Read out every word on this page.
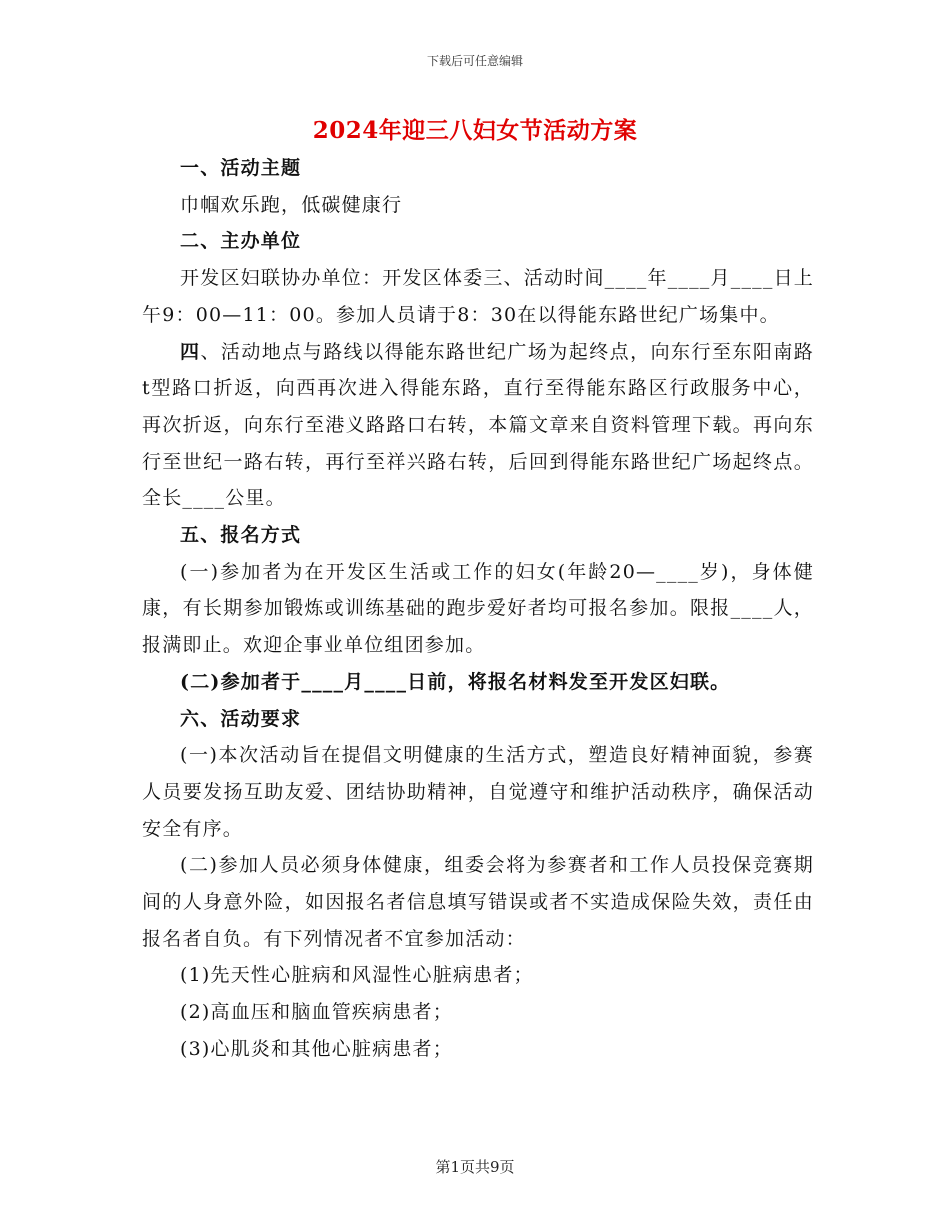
下载后可任意编辑
2024年迎三八妇女节活动方案

一、活动主题

巾帼欢乐跑，低碳健康行

二、主办单位

开发区妇联协办单位：开发区体委三、活动时间____年____月____日上午9：00—11：00。参加人员请于8：30在以得能东路世纪广场集中。

四、活动地点与路线以得能东路世纪广场为起终点，向东行至东阳南路t型路口折返，向西再次进入得能东路，直行至得能东路区行政服务中心，再次折返，向东行至港义路路口右转，本篇文章来自资料管理下载。再向东行至世纪一路右转，再行至祥兴路右转，后回到得能东路世纪广场起终点。全长____公里。

五、报名方式

(一)参加者为在开发区生活或工作的妇女(年龄20—____岁)，身体健康，有长期参加锻炼或训练基础的跑步爱好者均可报名参加。限报____人，报满即止。欢迎企事业单位组团参加。

(二)参加者于____月____日前，将报名材料发至开发区妇联。

六、活动要求

(一)本次活动旨在提倡文明健康的生活方式，塑造良好精神面貌，参赛人员要发扬互助友爱、团结协助精神，自觉遵守和维护活动秩序，确保活动安全有序。

(二)参加人员必须身体健康，组委会将为参赛者和工作人员投保竞赛期间的人身意外险，如因报名者信息填写错误或者不实造成保险失效，责任由报名者自负。有下列情况者不宜参加活动：

(1)先天性心脏病和风湿性心脏病患者；

(2)高血压和脑血管疾病患者；

(3)心肌炎和其他心脏病患者；

第1页共9页
